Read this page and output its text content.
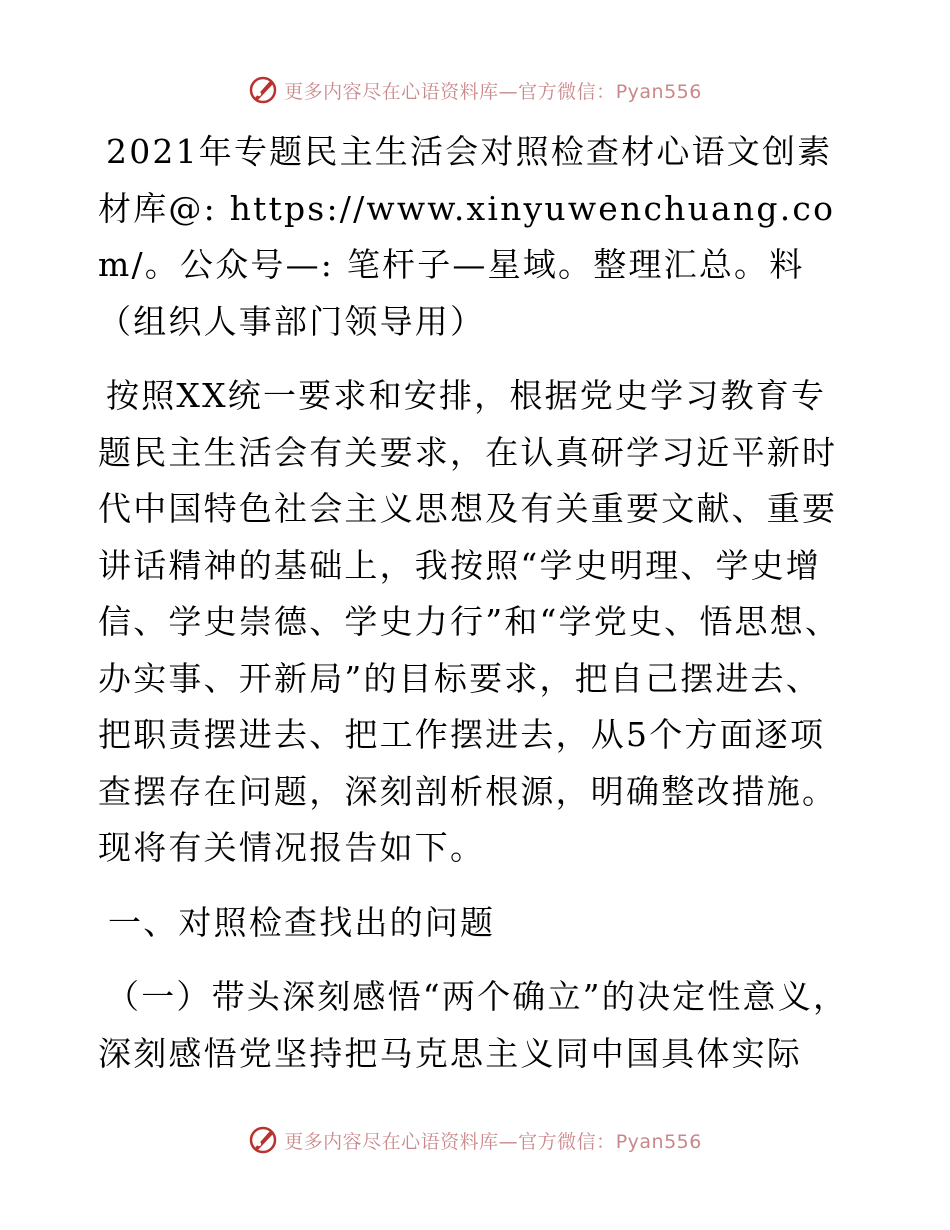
更多内容尽在心语资料库—官方微信：Pyan556

2021年专题民主生活会对照检查材心语文创素材库@: https://www.xinyuwenchuang.com/。公众号—: 笔杆子—星域。整理汇总。料（组织人事部门领导用）

按照XX统一要求和安排，根据党史学习教育专题民主生活会有关要求，在认真研学习近平新时代中国特色社会主义思想及有关重要文献、重要讲话精神的基础上，我按照“学史明理、学史增信、学史崇德、学史力行”和“学党史、悟思想、办实事、开新局”的目标要求，把自己摆进去、把职责摆进去、把工作摆进去，从5个方面逐项查摆存在问题，深刻剖析根源，明确整改措施。现将有关情况报告如下。

一、对照检查找出的问题

（一）带头深刻感悟“两个确立”的决定性意义，深刻感悟党坚持把马克思主义同中国具体实际

更多内容尽在心语资料库—官方微信：Pyan556
